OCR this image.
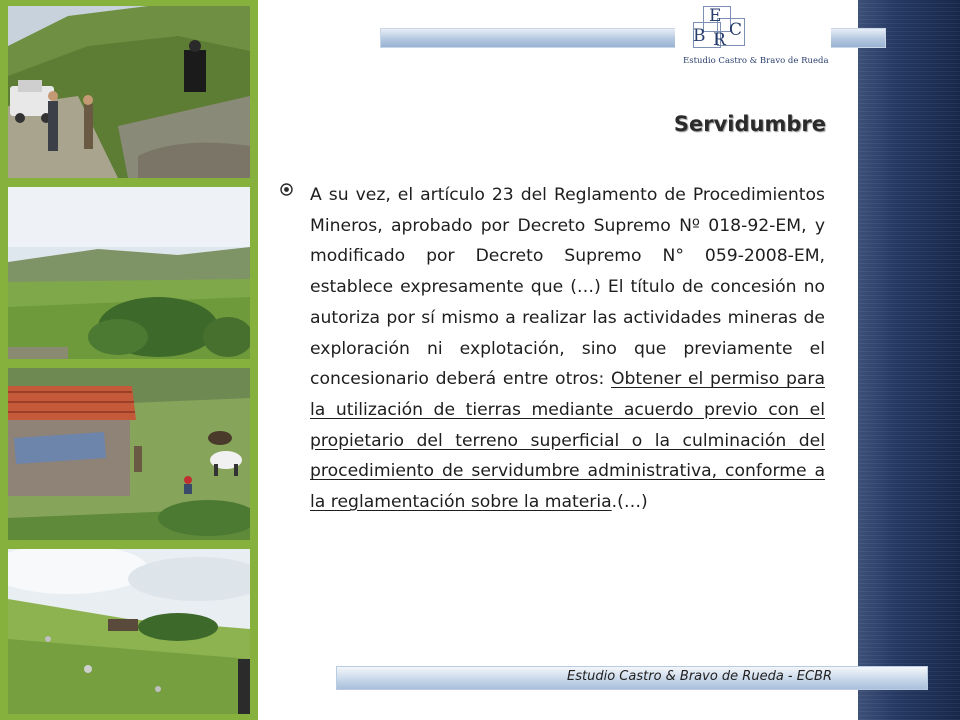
E
C
B R
Estudio Castro & Bravo de Rueda
Servidumbre

A su vez, el artículo 23 del Reglamento de Procedimientos Mineros, aprobado por Decreto Supremo Nº 018-92-EM, y modificado por Decreto Supremo N° 059-2008-EM, establece expresamente que (…) El título de concesión no autoriza por sí mismo a realizar las actividades mineras de exploración ni explotación, sino que previamente el concesionario deberá entre otros: Obtener el permiso para la utilización de tierras mediante acuerdo previo con el propietario del terreno superficial o la culminación del procedimiento de servidumbre administrativa, conforme a la reglamentación sobre la materia.(…)

Estudio Castro & Bravo de Rueda - ECBR
